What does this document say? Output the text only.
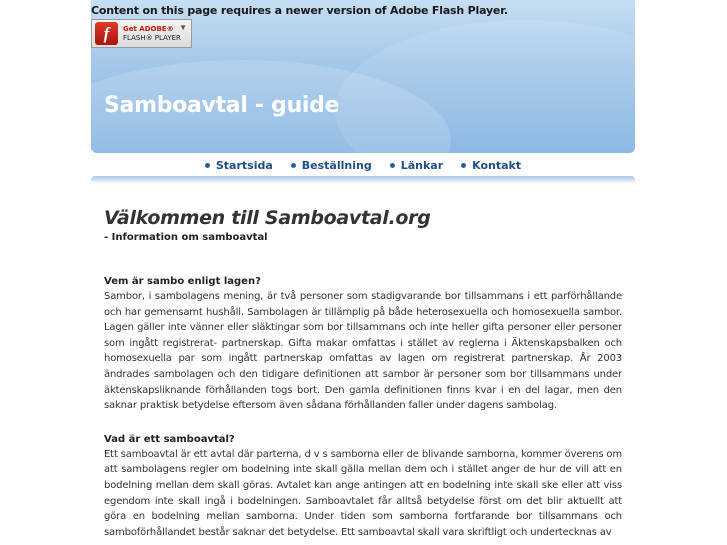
Content on this page requires a newer version of Adobe Flash Player.
f	Get ADOBE®
FLASH® PLAYER
▼
Samboavtal - guide
Startsida	Beställning	Länkar	Kontakt
Välkommen till Samboavtal.org

- Information om samboavtal

Vem är sambo enligt lagen?

Sambor, i sambolagens mening, är två personer som stadigvarande bor tillsammans i ett parförhållande och har gemensamt hushåll. Sambolagen är tillämplig på både heterosexuella och homosexuella sambor. Lagen gäller inte vänner eller släktingar som bor tillsammans och inte heller gifta personer eller personer som ingått registrerat- partnerskap. Gifta makar omfattas i stället av reglerna i Äktenskapsbalken och homosexuella par som ingått partnerskap omfattas av lagen om registrerat partnerskap. År 2003 ändrades sambolagen och den tidigare definitionen att sambor är personer som bor tillsammans under äktenskapsliknande förhållanden togs bort. Den gamla definitionen finns kvar i en del lagar, men den saknar praktisk betydelse eftersom även sådana förhållanden faller under dagens sambolag.

Vad är ett samboavtal?

Ett samboavtal är ett avtal där parterna, d v s samborna eller de blivande samborna, kommer överens om att sambolagens regler om bodelning inte skall gälla mellan dem och i stället anger de hur de vill att en bodelning mellan dem skall göras. Avtalet kan ange antingen att en bodelning inte skall ske eller att viss egendom inte skall ingå i bodelningen. Samboavtalet får alltså betydelse först om det blir aktuellt att göra en bodelning mellan samborna. Under tiden som samborna fortfarande bor tillsammans och samboförhållandet består saknar det betydelse. Ett samboavtal skall vara skriftligt och undertecknas av
